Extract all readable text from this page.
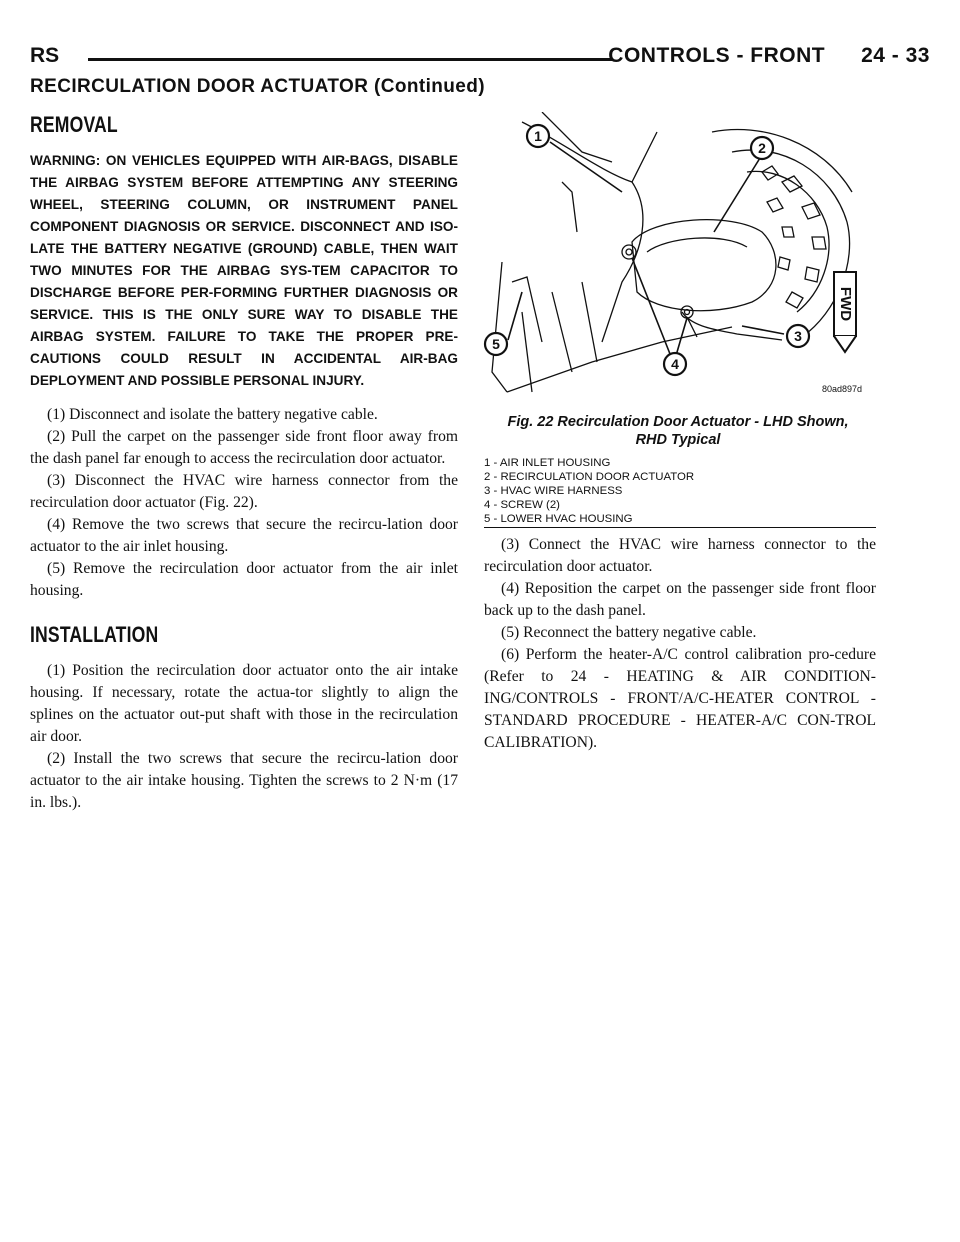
RS	CONTROLS - FRONT 24 - 33
RECIRCULATION DOOR ACTUATOR (Continued)
REMOVAL
WARNING: ON VEHICLES EQUIPPED WITH AIR-BAGS, DISABLE THE AIRBAG SYSTEM BEFORE ATTEMPTING ANY STEERING WHEEL, STEERING COLUMN, OR INSTRUMENT PANEL COMPONENT DIAGNOSIS OR SERVICE. DISCONNECT AND ISO-LATE THE BATTERY NEGATIVE (GROUND) CABLE, THEN WAIT TWO MINUTES FOR THE AIRBAG SYS-TEM CAPACITOR TO DISCHARGE BEFORE PER-FORMING FURTHER DIAGNOSIS OR SERVICE. THIS IS THE ONLY SURE WAY TO DISABLE THE AIRBAG SYSTEM. FAILURE TO TAKE THE PROPER PRE-CAUTIONS COULD RESULT IN ACCIDENTAL AIR-BAG DEPLOYMENT AND POSSIBLE PERSONAL INJURY.

(1) Disconnect and isolate the battery negative cable.

(2) Pull the carpet on the passenger side front floor away from the dash panel far enough to access the recirculation door actuator.

(3) Disconnect the HVAC wire harness connector from the recirculation door actuator (Fig. 22).

(4) Remove the two screws that secure the recircu-lation door actuator to the air inlet housing.

(5) Remove the recirculation door actuator from the air inlet housing.

INSTALLATION

(1) Position the recirculation door actuator onto the air intake housing. If necessary, rotate the actua-tor slightly to align the splines on the actuator out-put shaft with those in the recirculation air door.

(2) Install the two screws that secure the recircu-lation door actuator to the air intake housing. Tighten the screws to 2 N·m (17 in. lbs.).

1
2
3
4
5
FWD
80ad897d
Fig. 22 Recirculation Door Actuator - LHD Shown,
RHD Typical
1 - AIR INLET HOUSING
2 - RECIRCULATION DOOR ACTUATOR
3 - HVAC WIRE HARNESS
4 - SCREW (2)
5 - LOWER HVAC HOUSING

(3) Connect the HVAC wire harness connector to the recirculation door actuator.

(4) Reposition the carpet on the passenger side front floor back up to the dash panel.

(5) Reconnect the battery negative cable.

(6) Perform the heater-A/C control calibration pro-cedure (Refer to 24 - HEATING & AIR CONDITION-ING/CONTROLS - FRONT/A/C-HEATER CONTROL - STANDARD PROCEDURE - HEATER-A/C CON-TROL CALIBRATION).
